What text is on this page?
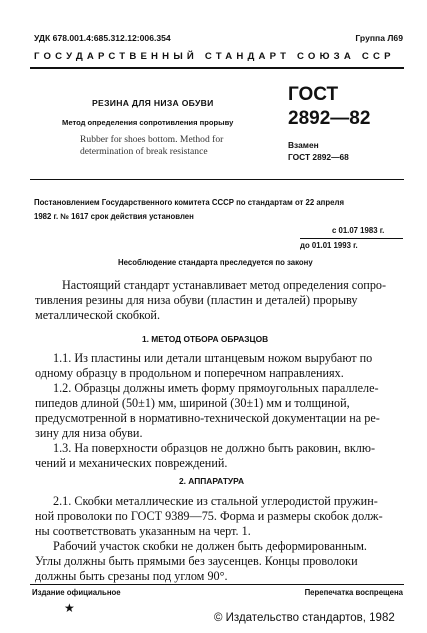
УДК 678.001.4:685.312.12:006.354	Группа Л69
ГОСУДАРСТВЕННЫЙ СТАНДАРТ СОЮЗА ССР
РЕЗИНА ДЛЯ НИЗА ОБУВИ
Метод определения сопротивления прорыву
Rubber for shoes bottom. Method for
determination of break resistance
ГОСТ
2892—82
Взамен
ГОСТ 2892—68
Постановлением Государственного комитета СССР по стандартам от 22 апреля
1982 г. № 1617 срок действия установлен
с 01.07 1983 г.
до 01.01 1993 г.
Несоблюдение стандарта преследуется по закону
Настоящий стандарт устанавливает метод определения сопро-
тивления резины для низа обуви (пластин и деталей) прорыву
металлической скобкой.
1. МЕТОД ОТБОРА ОБРАЗЦОВ
1.1. Из пластины или детали штанцевым ножом вырубают по
одному образцу в продольном и поперечном направлениях.
1.2. Образцы должны иметь форму прямоугольных параллеле-
пипедов длиной (50±1) мм, шириной (30±1) мм и толщиной,
предусмотренной в нормативно-технической документации на ре-
зину для низа обуви.
1.3. На поверхности образцов не должно быть раковин, вклю-
чений и механических повреждений.
2. АППАРАТУРА
2.1. Скобки металлические из стальной углеродистой пружин-
ной проволоки по ГОСТ 9389—75. Форма и размеры скобок долж-
ны соответствовать указанным на черт. 1.
Рабочий участок скобки не должен быть деформированным.
Углы должны быть прямыми без заусенцев. Концы проволоки
должны быть срезаны под углом 90°.
Издание официальное	Перепечатка воспрещена
★
© Издательство стандартов, 1982
